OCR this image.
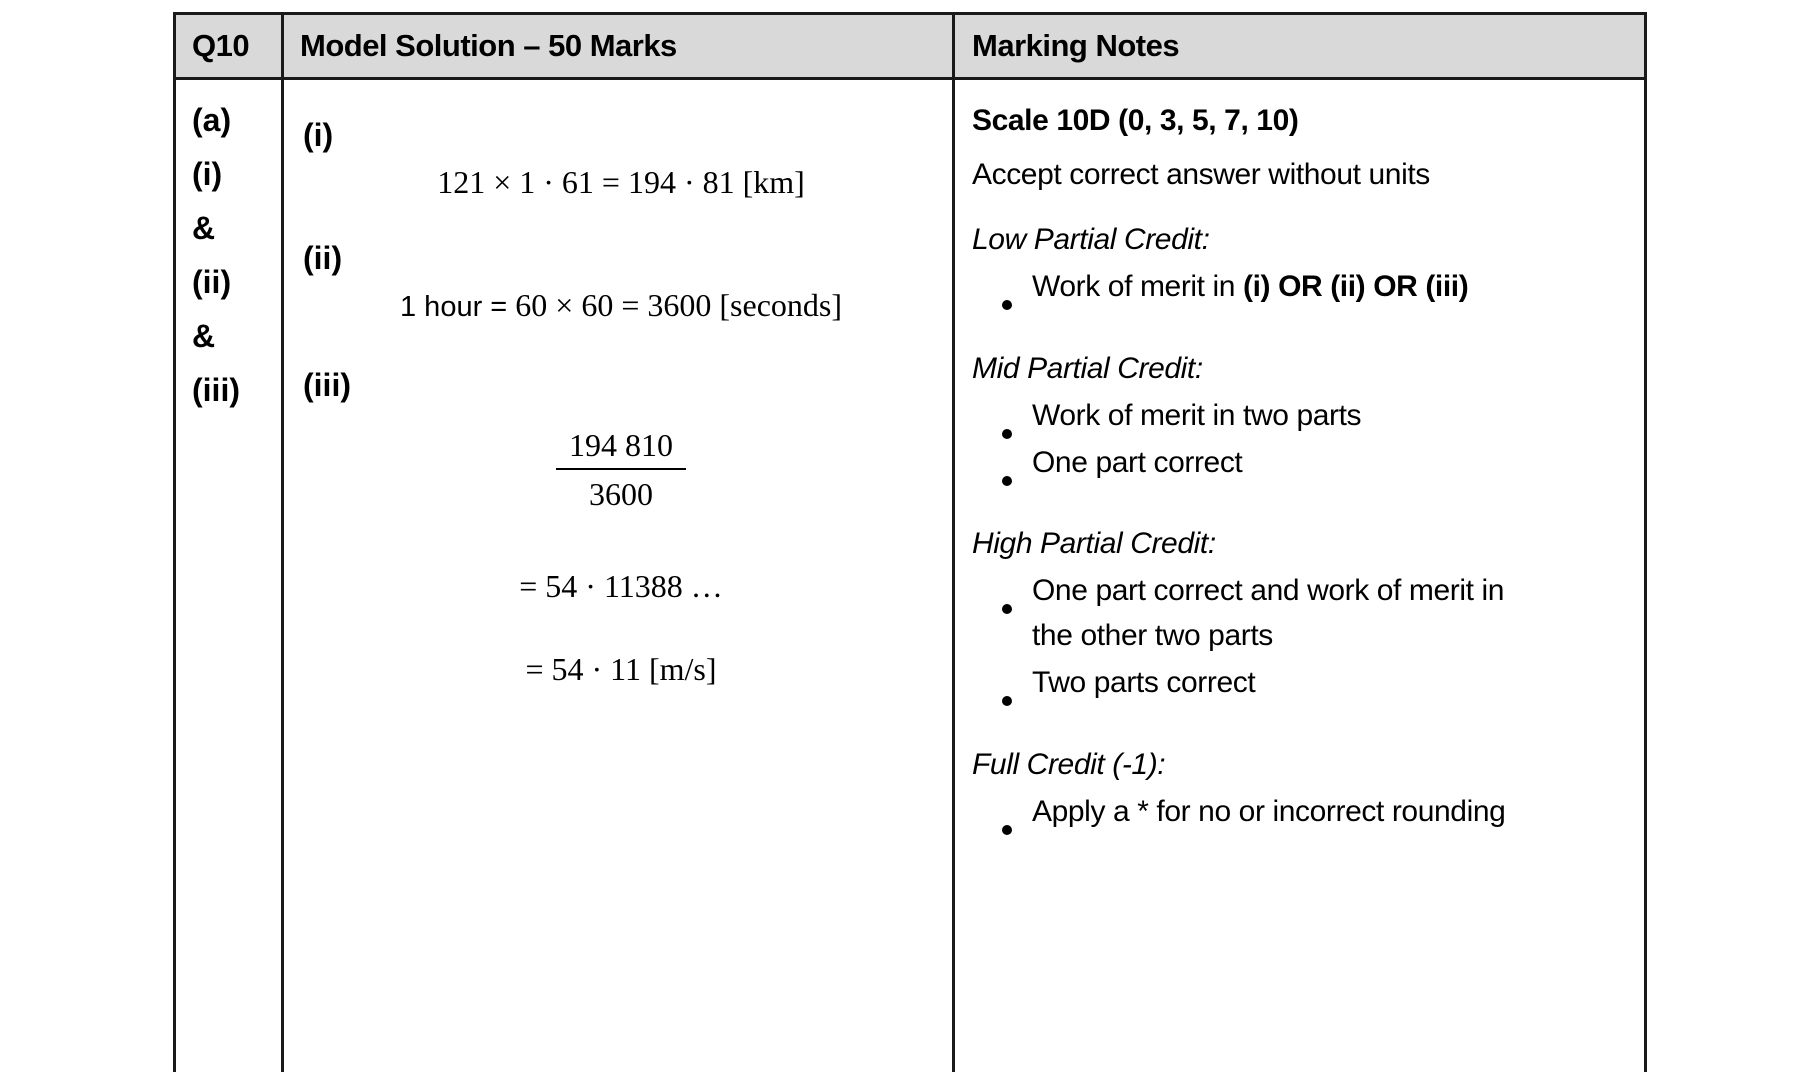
Q10 Model Solution – 50 Marks	Marking Notes
(a)
(i)
&
(ii)
&
(iii)
(i)
121 × 1 · 61 = 194 · 81 [km]
(ii)
1 hour = 60 × 60 = 3600 [seconds]
(iii)
194 810
3600
= 54 · 11388 …
= 54 · 11 [m/s]
Scale 10D (0, 3, 5, 7, 10)
Accept correct answer without units
Low Partial Credit:
Work of merit in (i) OR (ii) OR (iii)
Mid Partial Credit:
Work of merit in two parts
One part correct
High Partial Credit:
One part correct and work of merit in
the other two parts
Two parts correct
Full Credit (-1):
Apply a * for no or incorrect rounding
